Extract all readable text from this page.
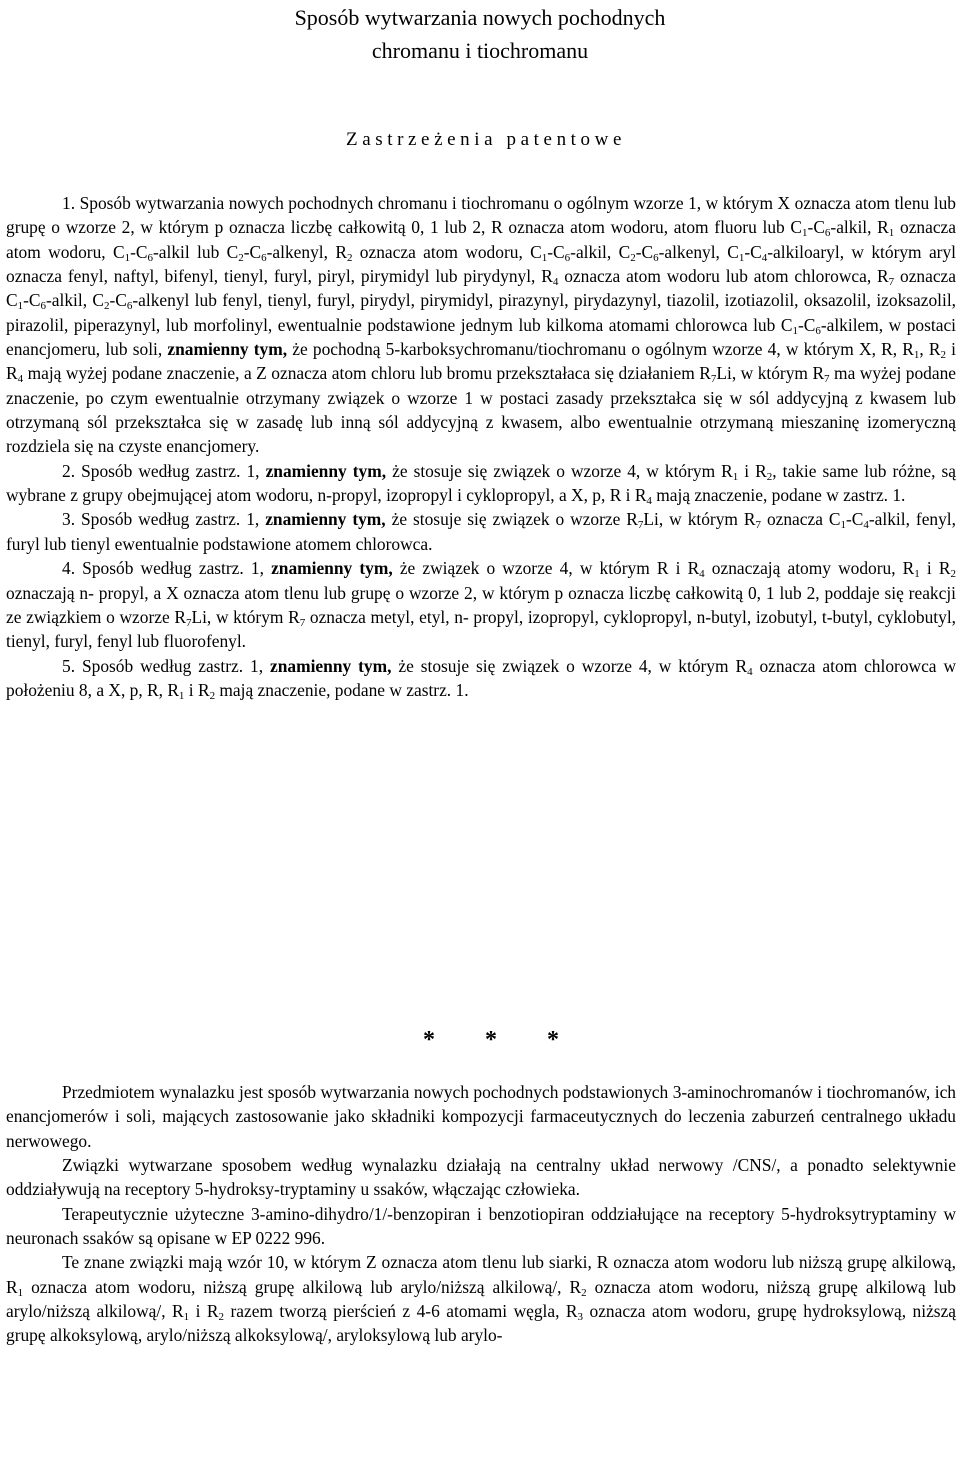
Sposób wytwarzania nowych pochodnych
chromanu i tiochromanu
Zastrzeżenia patentowe

1. Sposób wytwarzania nowych pochodnych chromanu i tiochromanu o ogólnym wzorze 1, w którym X oznacza atom tlenu lub grupę o wzorze 2, w którym p oznacza liczbę całkowitą 0, 1 lub 2, R oznacza atom wodoru, atom fluoru lub $C_1-C_6$-alkil, $R_1$ oznacza atom wodoru, $C_1-C_6$-alkil lub $C_2-C_6$-alkenyl, $R_2$ oznacza atom wodoru, $C_1-C_6$-alkil, $C_2-C_6$-alkenyl, $C_1-C_4$-alkiloaryl, w którym aryl oznacza fenyl, naftyl, bifenyl, tienyl, furyl, piryl, pirymidyl lub pirydynyl, $R_4$ oznacza atom wodoru lub atom chlorowca, $R_7$ oznacza $C_1-C_6$-alkil, $C_2-C_6$-alkenyl lub fenyl, tienyl, furyl, pirydyl, pirymidyl, pirazynyl, pirydazynyl, tiazolil, izotiazolil, oksazolil, izoksazolil, pirazolil, piperazynyl, lub morfolinyl, ewentualnie podstawione jednym lub kilkoma atomami chlorowca lub $C_1-C_6$-alkilem, w postaci enancjomeru, lub soli, znamienny tym, że pochodną 5-karboksychromanu/tiochromanu o ogólnym wzorze 4, w którym X, R, $R_1$, $R_2$ i $R_4$ mają wyżej podane znaczenie, a Z oznacza atom chloru lub bromu przekształaca się działaniem $R_7Li$, w którym $R_7$ ma wyżej podane znaczenie, po czym ewentualnie otrzymany związek o wzorze 1 w postaci zasady przekształca się w sól addycyjną z kwasem lub otrzymaną sól przekształca się w zasadę lub inną sól addycyjną z kwasem, albo ewentualnie otrzymaną mieszaninę izomeryczną rozdziela się na czyste enancjomery.

2. Sposób według zastrz. 1, znamienny tym, że stosuje się związek o wzorze 4, w którym $R_1$ i $R_2$, takie same lub różne, są wybrane z grupy obejmującej atom wodoru, n-propyl, izopropyl i cyklopropyl, a X, p, R i $R_4$ mają znaczenie, podane w zastrz. 1.

3. Sposób według zastrz. 1, znamienny tym, że stosuje się związek o wzorze $R_7Li$, w którym $R_7$ oznacza $C_1-C_4$-alkil, fenyl, furyl lub tienyl ewentualnie podstawione atomem chlorowca.

4. Sposób według zastrz. 1, znamienny tym, że związek o wzorze 4, w którym R i $R_4$ oznaczają atomy wodoru, $R_1$ i $R_2$ oznaczają n- propyl, a X oznacza atom tlenu lub grupę o wzorze 2, w którym p oznacza liczbę całkowitą 0, 1 lub 2, poddaje się reakcji ze związkiem o wzorze $R_7Li$, w którym $R_7$ oznacza metyl, etyl, n- propyl, izopropyl, cyklopropyl, n-butyl, izobutyl, t-butyl, cyklobutyl, tienyl, furyl, fenyl lub fluorofenyl.

5. Sposób według zastrz. 1, znamienny tym, że stosuje się związek o wzorze 4, w którym $R_4$ oznacza atom chlorowca w położeniu 8, a X, p, R, $R_1$ i $R_2$ mają znaczenie, podane w zastrz. 1.

* * *

Przedmiotem wynalazku jest sposób wytwarzania nowych pochodnych podstawionych 3-aminochromanów i tiochromanów, ich enancjomerów i soli, mających zastosowanie jako składniki kompozycji farmaceutycznych do leczenia zaburzeń centralnego układu nerwowego.

Związki wytwarzane sposobem według wynalazku działają na centralny układ nerwowy /CNS/, a ponadto selektywnie oddziaływują na receptory 5-hydroksy-tryptaminy u ssaków, włączając człowieka.

Terapeutycznie użyteczne 3-amino-dihydro/1/-benzopiran i benzotiopiran oddziałujące na receptory 5-hydroksytryptaminy w neuronach ssaków są opisane w EP 0222 996.

Te znane związki mają wzór 10, w którym Z oznacza atom tlenu lub siarki, R oznacza atom wodoru lub niższą grupę alkilową, $R_1$ oznacza atom wodoru, niższą grupę alkilową lub arylo/niższą alkilową/, $R_2$ oznacza atom wodoru, niższą grupę alkilową lub arylo/niższą alkilową/, $R_1$ i $R_2$ razem tworzą pierścień z 4-6 atomami węgla, $R_3$ oznacza atom wodoru, grupę hydroksylową, niższą grupę alkoksylową, arylo/niższą alkoksylową/, aryloksylową lub arylo-
